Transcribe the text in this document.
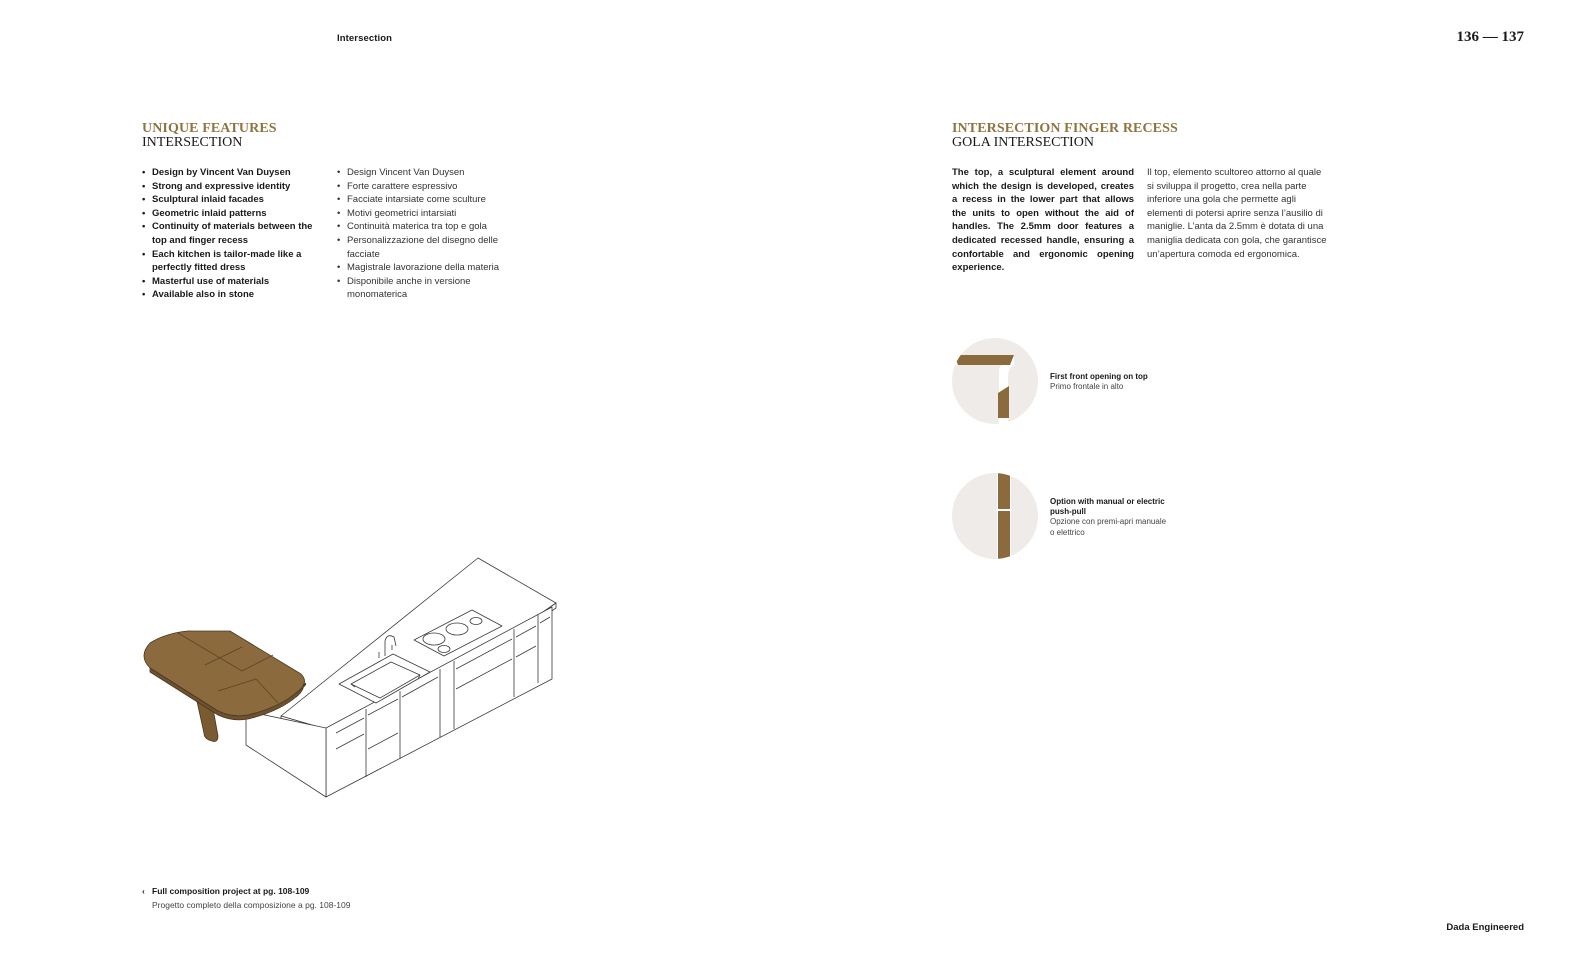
Intersection	136 — 137
UNIQUE FEATURES
INTERSECTION
• Design by Vincent Van Duysen
• Strong and expressive identity
• Sculptural inlaid facades
• Geometric inlaid patterns
• Continuity of materials between the top and finger recess
• Each kitchen is tailor-made like a perfectly fitted dress
• Masterful use of materials
• Available also in stone
• Design Vincent Van Duysen
• Forte carattere espressivo
• Facciate intarsiate come sculture
• Motivi geometrici intarsiati
• Continuità materica tra top e gola
• Personalizzazione del disegno delle facciate
• Magistrale lavorazione della materia
• Disponibile anche in versione monomaterica
‹ Full composition project at pg. 108-109
Progetto completo della composizione a pg. 108-109
INTERSECTION FINGER RECESS
GOLA INTERSECTION

The top, a sculptural element around which the design is developed, creates a recess in the lower part that allows the units to open without the aid of handles. The 2.5mm door features a dedicated recessed handle, ensuring a confortable and ergonomic opening experience.

Il top, elemento scultoreo attorno al quale si sviluppa il progetto, crea nella parte inferiore una gola che permette agli elementi di potersi aprire senza l’ausilio di maniglie. L’anta da 2.5mm è dotata di una maniglia dedicata con gola, che garantisce un’apertura comoda ed ergonomica.

First front opening on top
Primo frontale in alto
Option with manual or electric push-pull
Opzione con premi-apri manuale o elettrico
Dada Engineered
